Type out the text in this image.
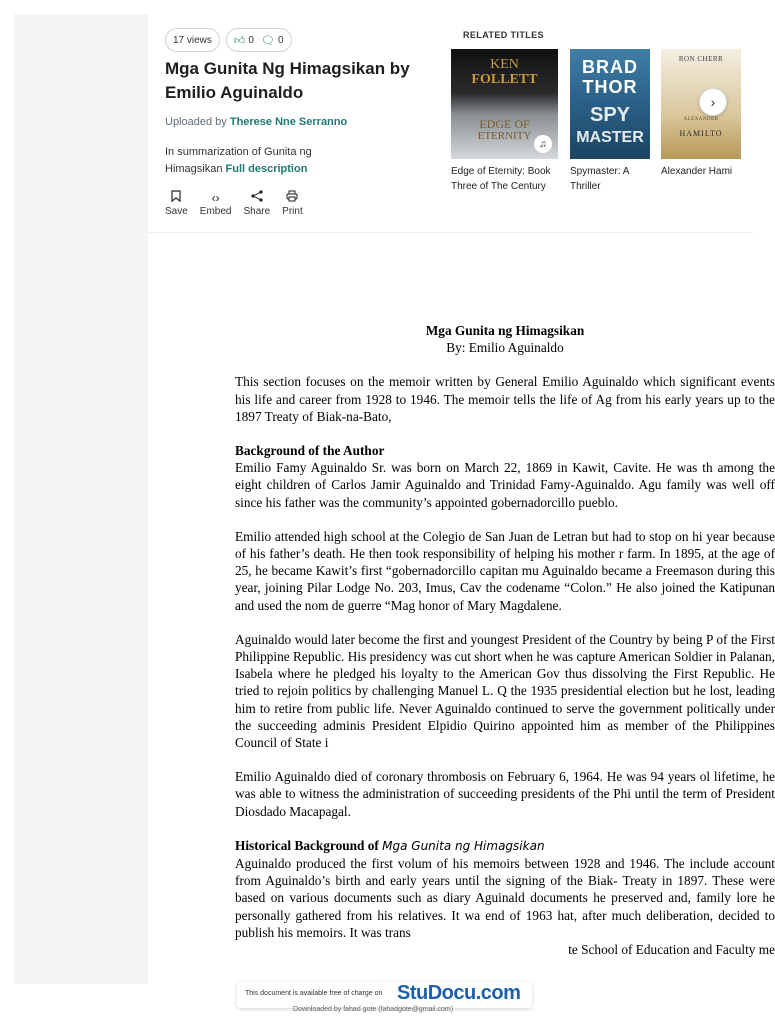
17 views 👍︎ 0 🗨︎ 0
Mga Gunita Ng Himagsikan by Emilio Aguinaldo
Uploaded by Therese Nne Serranno
In summarization of Gunita ng Himagsikan Full description
Save
‹›
Embed Share Print
RELATED TITLES
KEN
FOLLETT
EDGE OF
ETERNITY
♫
Edge of Eternity: Book Three of The Century
BRAD
THOR
SPY
MASTER
Spymaster: A Thriller
RON CHERR
ALEXANDER
HAMILTO
Alexander Hami
›
Mga Gunita ng Himagsikan
By: Emilio Aguinaldo

This section focuses on the memoir written by General Emilio Aguinaldo which significant events his life and career from 1928 to 1946. The memoir tells the life of Ag from his early years up to the 1897 Treaty of Biak-na-Bato,

Background of the Author

Emilio Famy Aguinaldo Sr. was born on March 22, 1869 in Kawit, Cavite. He was th among the eight children of Carlos Jamir Aguinaldo and Trinidad Famy-Aguinaldo. Agu family was well off since his father was the community’s appointed gobernadorcillo pueblo.

Emilio attended high school at the Colegio de San Juan de Letran but had to stop on hi year because of his father’s death. He then took responsibility of helping his mother r farm. In 1895, at the age of 25, he became Kawit’s first “gobernadorcillo capitan mu Aguinaldo became a Freemason during this year, joining Pilar Lodge No. 203, Imus, Cav the codename “Colon.” He also joined the Katipunan and used the nom de guerre “Mag honor of Mary Magdalene.

Aguinaldo would later become the first and youngest President of the Country by being P of the First Philippine Republic. His presidency was cut short when he was capture American Soldier in Palanan, Isabela where he pledged his loyalty to the American Gov thus dissolving the First Republic. He tried to rejoin politics by challenging Manuel L. Q the 1935 presidential election but he lost, leading him to retire from public life. Never Aguinaldo continued to serve the government politically under the succeeding adminis President Elpidio Quirino appointed him as member of the Philippines Council of State i

Emilio Aguinaldo died of coronary thrombosis on February 6, 1964. He was 94 years ol lifetime, he was able to witness the administration of succeeding presidents of the Phi until the term of President Diosdado Macapagal.

Historical Background of Mga Gunita ng Himagsikan

Aguinaldo produced the first volum of his memoirs between 1928 and 1946. The include account from Aguinaldo’s birth and early years until the signing of the Biak- Treaty in 1897. These were based on various documents such as diary Aguinald documents he preserved and, family lore he personally gathered from his relatives. It wa end of 1963 hat, after much deliberation, decided to publish his memoirs. It was trans

te School of Education and Faculty me
This document is available free of charge on StuDocu.com
Downloaded by fahad gote (fahadgote@gmail.com)
